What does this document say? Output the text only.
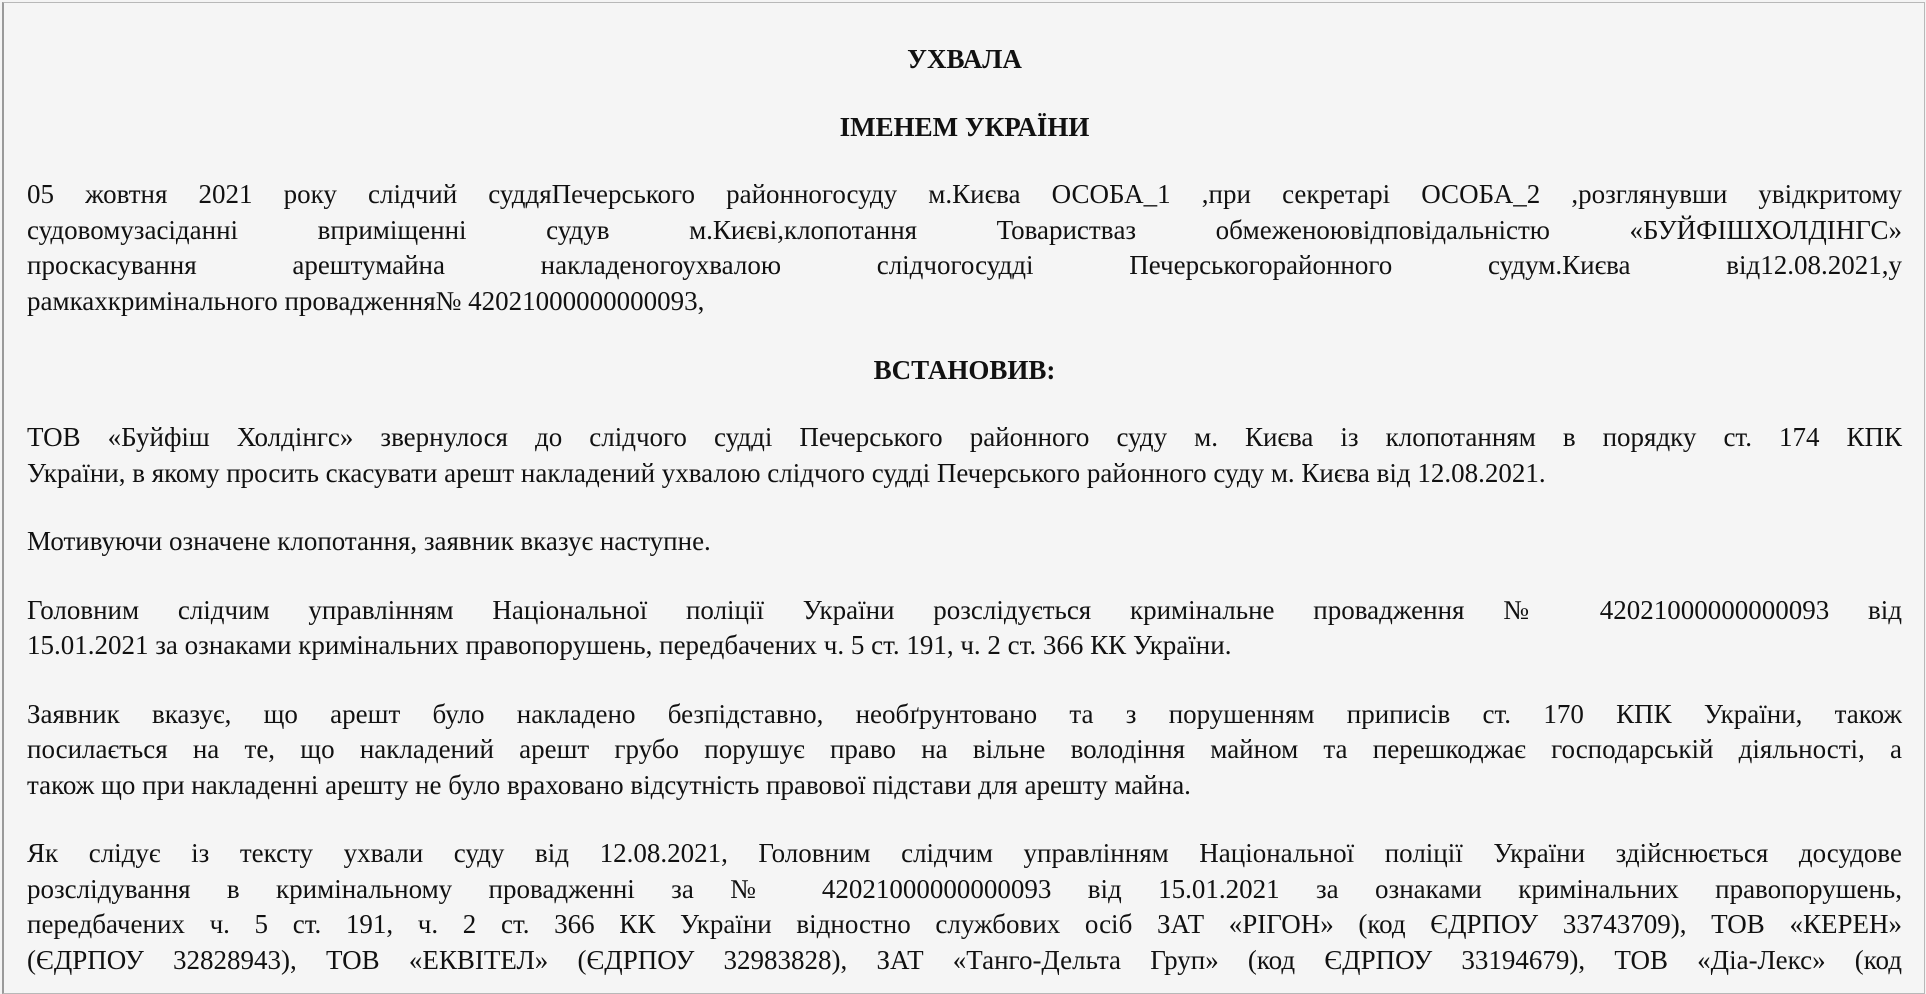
УХВАЛА
ІМЕНЕМ УКРАЇНИ
05 жовтня 2021 року слідчий суддяПечерського районногосуду м.Києва ОСОБА_1 ,при секретарі ОСОБА_2 ,розглянувши увідкритому
судовомузасіданні вприміщенні судув м.Києві,клопотання Товариствaз обмеженоювідповідальністю «БУЙФІШХОЛДІНГС»
проскасування арештумайна накладеногоухвалою слідчогосудді Печерськогорайонного судум.Києва від12.08.2021,у
рамкахкримінального провадження№ 42021000000000093,
ВСТАНОВИВ:
ТОВ «Буйфіш Холдінгс» звернулося до слідчого судді Печерського районного суду м. Києва із клопотанням в порядку ст. 174 КПК
України, в якому просить скасувати арешт накладений ухвалою слідчого судді Печерського районного суду м. Києва від 12.08.2021.
Мотивуючи означене клопотання, заявник вказує наступне.
Головним слідчим управлінням Національної поліції України розслідується кримінальне провадження № 42021000000000093 від
15.01.2021 за ознаками кримінальних правопорушень, передбачених ч. 5 ст. 191, ч. 2 ст. 366 КК України.
Заявник вказує, що арешт було накладено безпідставно, необґрунтовано та з порушенням приписів ст. 170 КПК України, також
посилається на те, що накладений арешт грубо порушує право на вільне володіння майном та перешкоджає господарській діяльності, а
також що при накладенні арешту не було враховано відсутність правової підстави для арешту майна.
Як слідує із тексту ухвали суду від 12.08.2021, Головним слідчим управлінням Національної поліції України здійснюється досудове
розслідування в кримінальному провадженні за № 42021000000000093 від 15.01.2021 за ознаками кримінальних правопорушень,
передбачених ч. 5 ст. 191, ч. 2 ст. 366 КК України відностно службових осіб ЗАТ «РІГОН» (код ЄДРПОУ 33743709), ТОВ «КЕРЕН»
(ЄДРПОУ 32828943), ТОВ «ЕКВІТЕЛ» (ЄДРПОУ 32983828), ЗАТ «Танго-Дельта Груп» (код ЄДРПОУ 33194679), ТОВ «Діа-Лекс» (код
